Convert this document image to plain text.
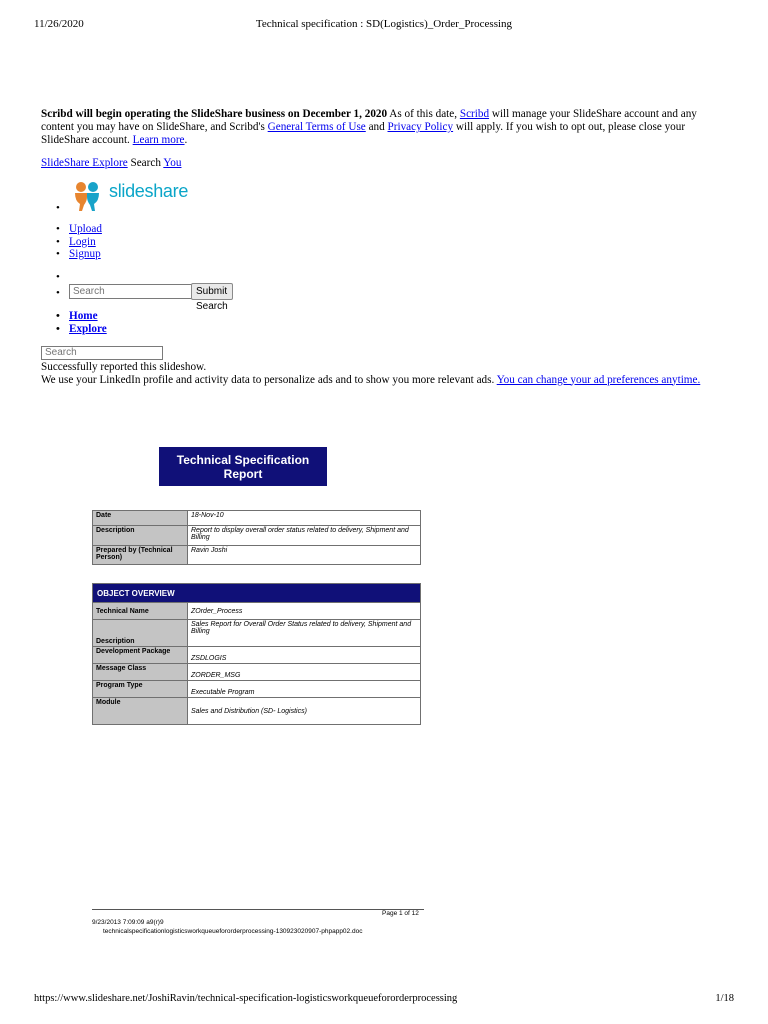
11/26/2020	Technical specification : SD(Logistics)_Order_Processing
Scribd will begin operating the SlideShare business on December 1, 2020 As of this date, Scribd will manage your SlideShare account and any content you may have on SlideShare, and Scribd's General Terms of Use and Privacy Policy will apply. If you wish to opt out, please close your SlideShare account. Learn more.
SlideShare Explore Search You
• slideshare
• Upload
• Login
• Signup
•
Search
• Submit Search
• Home
• Explore
Search
Successfully reported this slideshow.
We use your LinkedIn profile and activity data to personalize ads and to show you more relevant ads. You can change your ad preferences anytime.
Technical Specification
Report
Date	18-Nov-10
Description	Report to display overall order status related to delivery, Shipment and Billing
Prepared by (Technical Person)	Ravin Joshi
OBJECT OVERVIEW	
Technical Name	ZOrder_Process
Description	Sales Report for Overall Order Status related to delivery, Shipment and Billing
Development Package	ZSDLOGIS
Message Class	ZORDER_MSG
Program Type	Executable Program
Module	Sales and Distribution (SD- Logistics)
Page 1 of 12
9/23/2013 7:09:09 a9(r)9
technicalspecificationlogisticsworkqueuefororderprocessing-130923020907-phpapp02.doc
https://www.slideshare.net/JoshiRavin/technical-specification-logisticsworkqueuefororderprocessing	1/18
